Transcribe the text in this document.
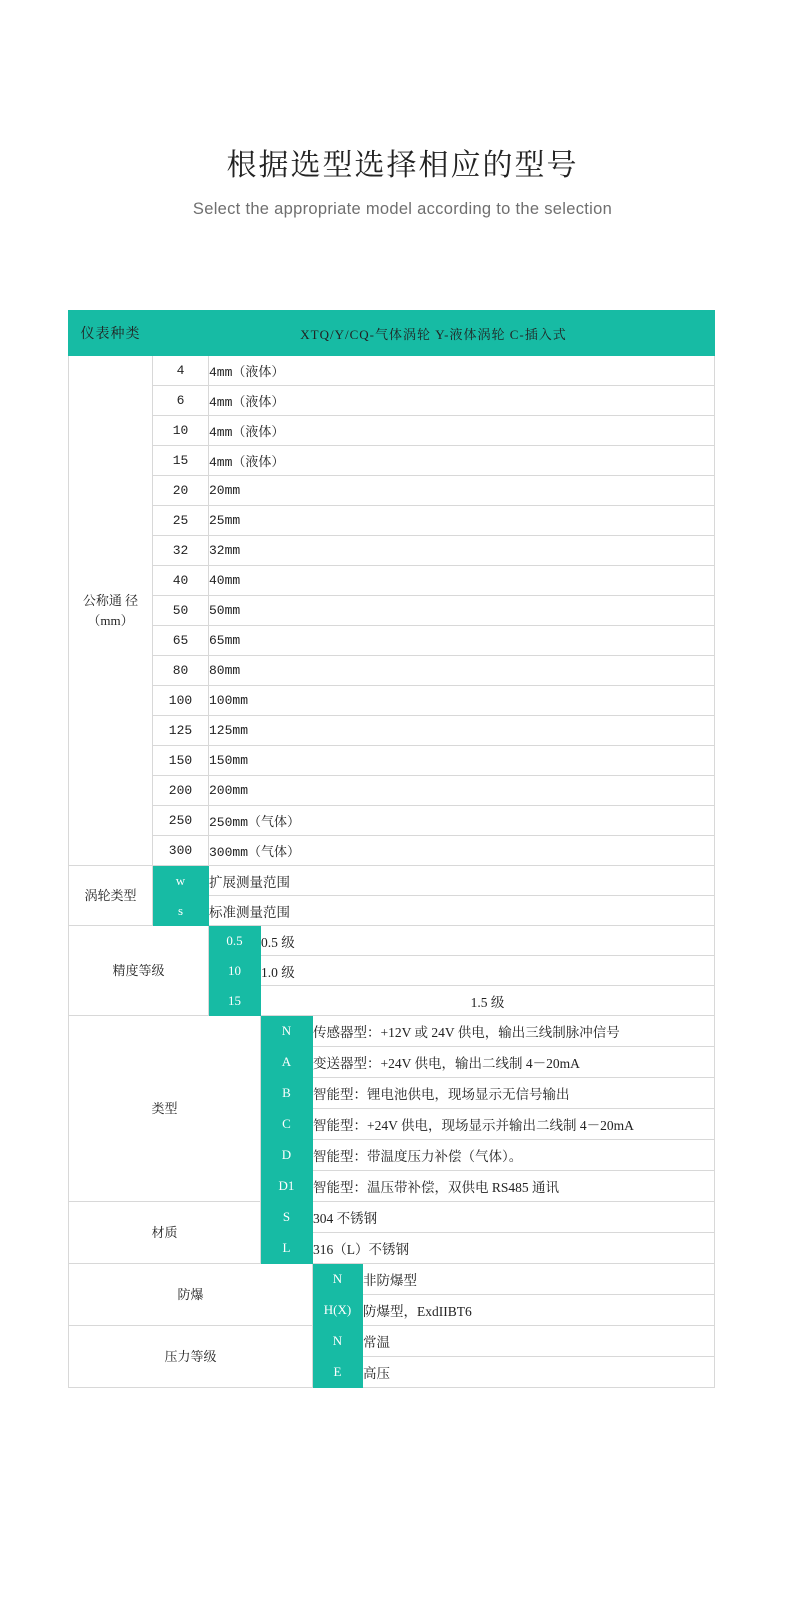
根据选型选择相应的型号
Select the appropriate model according to the selection
仪表种类	XTQ/Y/CQ-气体涡轮 Y-液体涡轮 C-插入式				

公称通 径
（mm）	4	4mm（液体）			
	6	4mm（液体）			
	10	4mm（液体）			
	15	4mm（液体）			
	20	20mm			
	25	25mm			
	32	32mm			
	40	40mm			
	50	50mm			
	65	65mm			
	80	80mm			
	100	100mm			
	125	125mm			
	150	150mm			
	200	200mm			
	250	250mm（气体）			
	300	300mm（气体）			
涡轮类型	w	扩展测量范围			
	s	标准测量范围			
精度等级		0.5	0.5 级		
		10	1.0 级		
		15	1.5 级		
类型			N	传感器型：+12V 或 24V 供电，输出三线制脉冲信号	
			A	变送器型：+24V 供电，输出二线制 4－20mA	
			B	智能型：锂电池供电，现场显示无信号输出	
			C	智能型：+24V 供电，现场显示并输出二线制 4－20mA	
			D	智能型：带温度压力补偿（气体）。	
			D1	智能型：温压带补偿，双供电 RS485 通讯	
材质			S	304 不锈钢	
			L	316（L）不锈钢	
防爆				N	非防爆型
				H(X)	防爆型，ExdIIBT6
压力等级				N	常温
				E	高压
